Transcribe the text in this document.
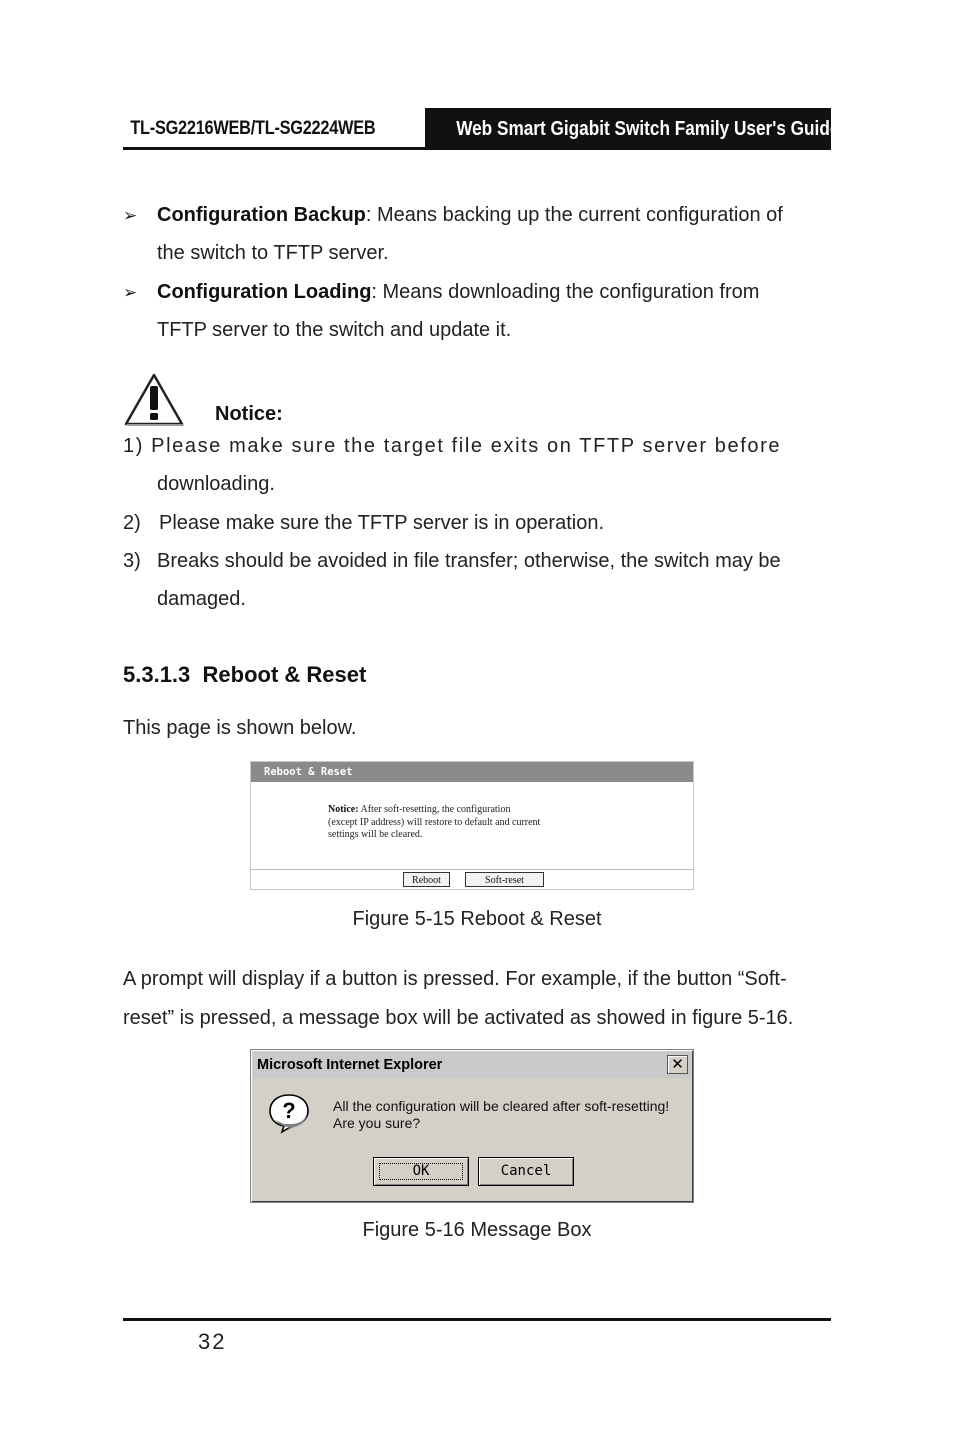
TL-SG2216WEB/TL-SG2224WEB	Web Smart Gigabit Switch Family User's Guide
➢ Configuration Backup: Means backing up the current configuration of
the switch to TFTP server.
➢ Configuration Loading: Means downloading the configuration from
TFTP server to the switch and update it.
Notice:
1) Please make sure the target file exits on TFTP server before
downloading.
2) Please make sure the TFTP server is in operation.
3) Breaks should be avoided in file transfer; otherwise, the switch may be
damaged.
5.3.1.3  Reboot & Reset
This page is shown below.
Reboot & Reset
Notice: After soft-resetting, the configuration
(except IP address) will restore to default and current
settings will be cleared.
Reboot	Soft-reset
Figure 5-15 Reboot & Reset
A prompt will display if a button is pressed. For example, if the button “Soft-
reset” is pressed, a message box will be activated as showed in figure 5-16.
Microsoft Internet Explorer	✕
?	All the configuration will be cleared after soft-resetting!
Are you sure?
OK	Cancel
Figure 5-16 Message Box
32
